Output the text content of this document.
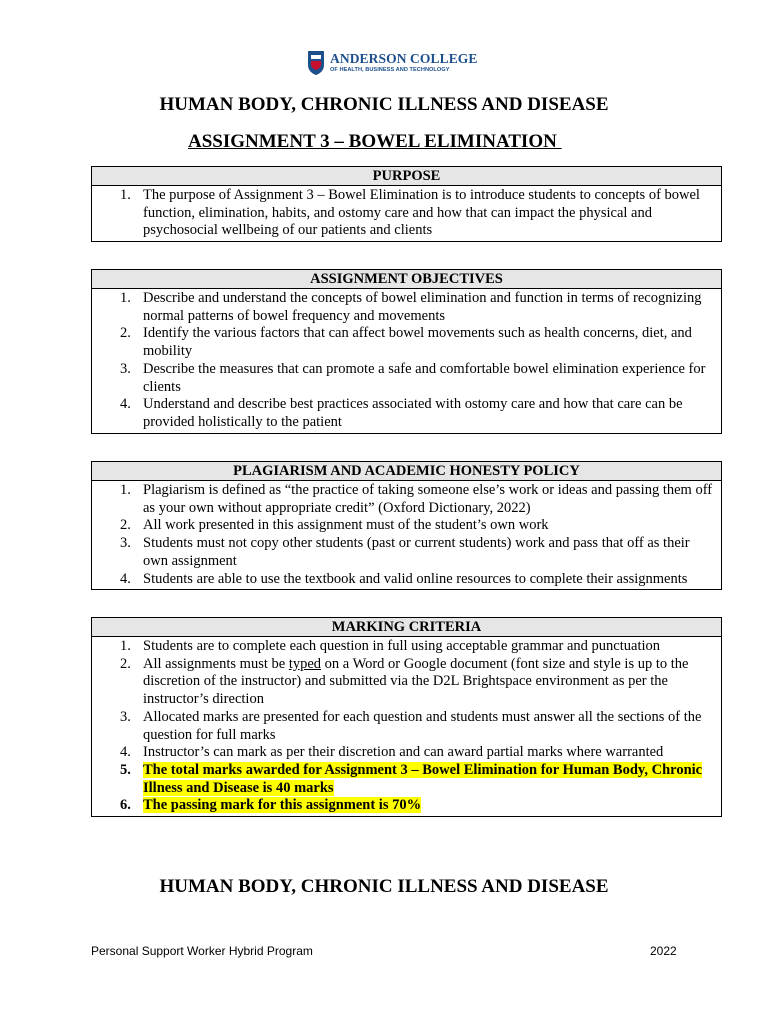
ANDERSON COLLEGE
OF HEALTH, BUSINESS AND TECHNOLOGY
HUMAN BODY, CHRONIC ILLNESS AND DISEASE
ASSIGNMENT 3 – BOWEL ELIMINATION
PURPOSE
1. The purpose of Assignment 3 – Bowel Elimination is to introduce students to concepts of bowel function, elimination, habits, and ostomy care and how that can impact the physical and psychosocial wellbeing of our patients and clients
ASSIGNMENT OBJECTIVES
1. Describe and understand the concepts of bowel elimination and function in terms of recognizing normal patterns of bowel frequency and movements
2. Identify the various factors that can affect bowel movements such as health concerns, diet, and mobility
3. Describe the measures that can promote a safe and comfortable bowel elimination experience for clients
4. Understand and describe best practices associated with ostomy care and how that care can be provided holistically to the patient
PLAGIARISM AND ACADEMIC HONESTY POLICY
1. Plagiarism is defined as “the practice of taking someone else’s work or ideas and passing them off as your own without appropriate credit” (Oxford Dictionary, 2022)
2. All work presented in this assignment must of the student’s own work
3. Students must not copy other students (past or current students) work and pass that off as their own assignment
4. Students are able to use the textbook and valid online resources to complete their assignments
MARKING CRITERIA
1. Students are to complete each question in full using acceptable grammar and punctuation
2. All assignments must be typed on a Word or Google document (font size and style is up to the discretion of the instructor) and submitted via the D2L Brightspace environment as per the instructor’s direction
3. Allocated marks are presented for each question and students must answer all the sections of the question for full marks
4. Instructor’s can mark as per their discretion and can award partial marks where warranted
5. The total marks awarded for Assignment 3 – Bowel Elimination for Human Body, Chronic Illness and Disease is 40 marks
6. The passing mark for this assignment is 70%
HUMAN BODY, CHRONIC ILLNESS AND DISEASE
Personal Support Worker Hybrid Program	2022
